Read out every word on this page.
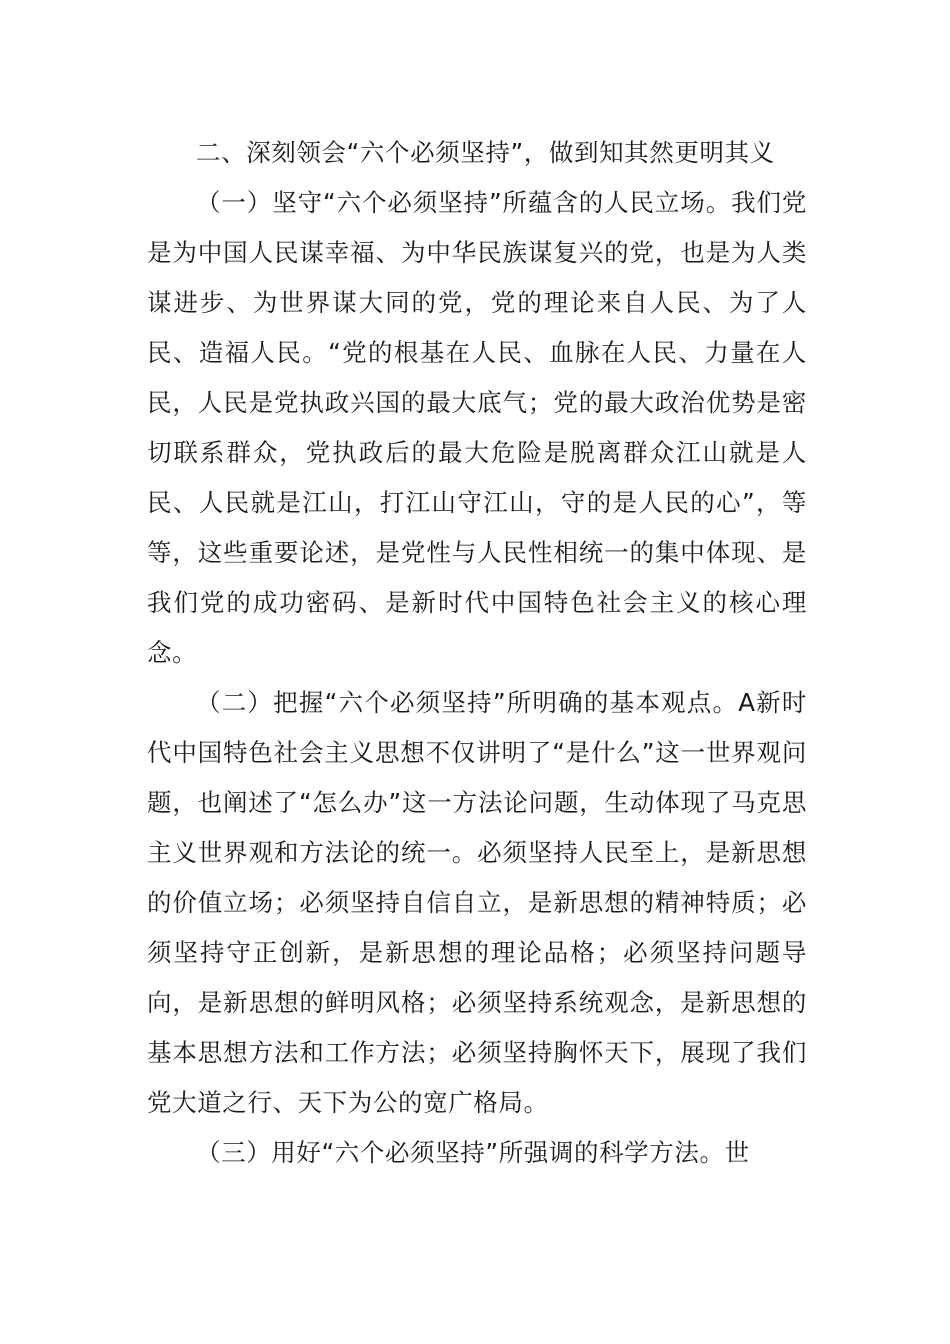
二、深刻领会“六个必须坚持”，做到知其然更明其义

（一）坚守“六个必须坚持”所蕴含的人民立场。我们党是为中国人民谋幸福、为中华民族谋复兴的党，也是为人类谋进步、为世界谋大同的党，党的理论来自人民、为了人民、造福人民。“党的根基在人民、血脉在人民、力量在人民，人民是党执政兴国的最大底气；党的最大政治优势是密切联系群众，党执政后的最大危险是脱离群众江山就是人民、人民就是江山，打江山守江山，守的是人民的心”，等等，这些重要论述，是党性与人民性相统一的集中体现、是我们党的成功密码、是新时代中国特色社会主义的核心理念。

（二）把握“六个必须坚持”所明确的基本观点。A新时代中国特色社会主义思想不仅讲明了“是什么”这一世界观问题，也阐述了“怎么办”这一方法论问题，生动体现了马克思主义世界观和方法论的统一。必须坚持人民至上，是新思想的价值立场；必须坚持自信自立，是新思想的精神特质；必须坚持守正创新，是新思想的理论品格；必须坚持问题导向，是新思想的鲜明风格；必须坚持系统观念，是新思想的基本思想方法和工作方法；必须坚持胸怀天下，展现了我们党大道之行、天下为公的宽广格局。

（三）用好“六个必须坚持”所强调的科学方法。世
